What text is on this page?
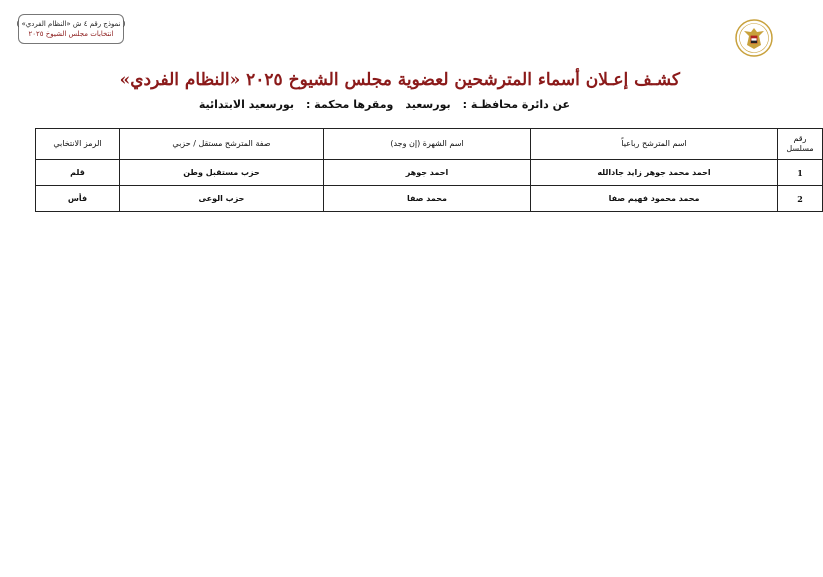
( نموذج رقم ٤ ش «النظام الفردي» )
انتخابات مجلس الشيوخ ٢٠٢٥
كشـف إعـلان أسماء المترشحين لعضوية مجلس الشيوخ ٢٠٢٥ «النظام الفردي»
عن دائرة محافظـة :
بورسعيد
ومقرها محكمة :
بورسعيد الابتدائية
رقم مسلسل	اسم المترشح رباعياً	اسم الشهرة (إن وجد)	صفة المترشح مستقل / حزبي	الرمز الانتخابي
1	احمد محمد جوهر زايد جادالله	احمد جوهر	حزب مستقبل وطن	قلم
2	محمد محمود فهيم صفا	محمد صفا	حزب الوعى	فأس
